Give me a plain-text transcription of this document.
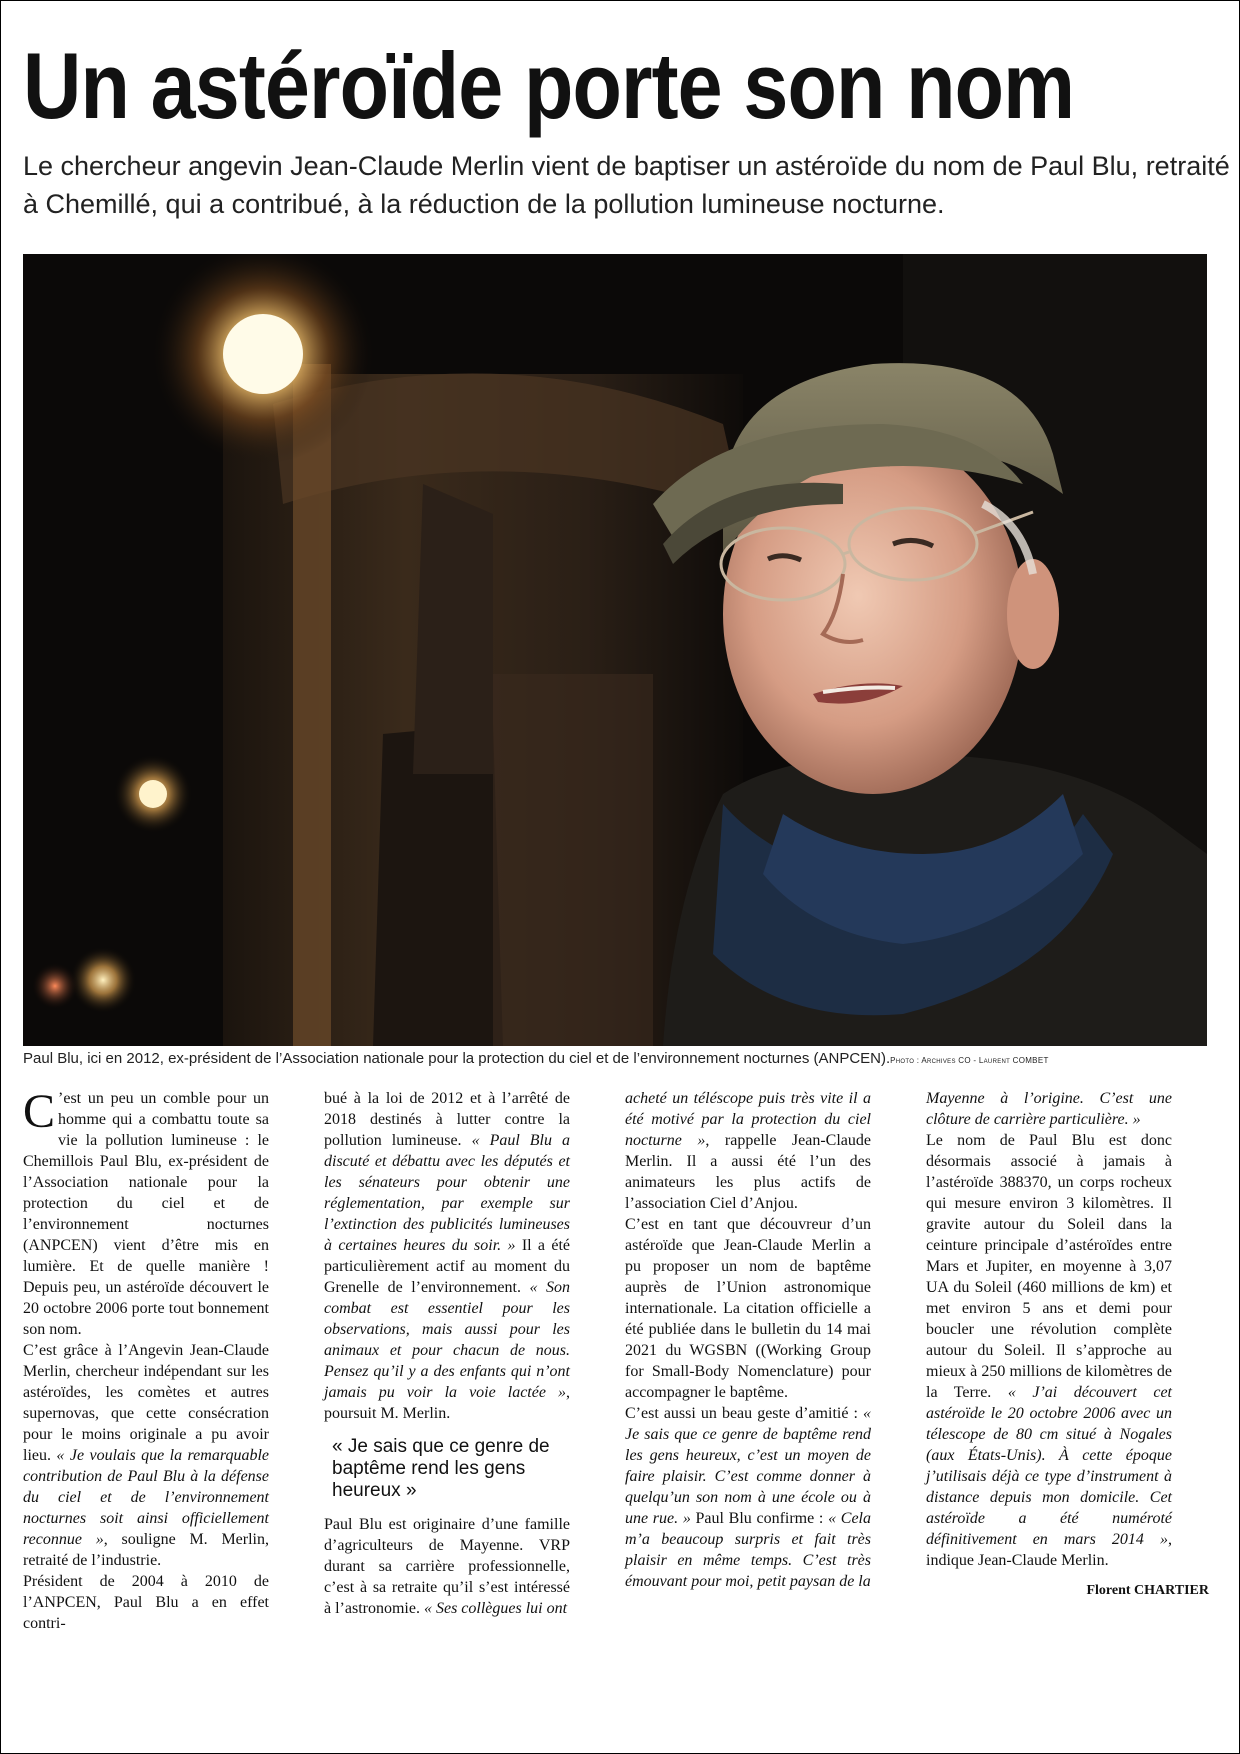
Un astéroïde porte son nom

Le chercheur angevin Jean-Claude Merlin vient de baptiser un astéroïde du nom de Paul Blu, retraité à Chemillé, qui a contribué, à la réduction de la pollution lumineuse nocturne.

Paul Blu, ici en 2012, ex-président de l’Association nationale pour la protection du ciel et de l’environnement nocturnes (ANPCEN).Photo : Archives CO - Laurent COMBET

C ’est un peu un comble pour un homme qui a combattu toute sa vie la pollution lumineuse : le Chemillois Paul Blu, ex-président de l’Association nationale pour la protection du ciel et de l’environnement nocturnes (ANPCEN) vient d’être mis en lumière. Et de quelle manière ! Depuis peu, un astéroïde découvert le 20 octobre 2006 porte tout bonnement son nom.

C’est grâce à l’Angevin Jean-Claude Merlin, chercheur indépendant sur les astéroïdes, les comètes et autres supernovas, que cette consécration pour le moins originale a pu avoir lieu. « Je voulais que la remarquable contribution de Paul Blu à la défense du ciel et de l’environnement nocturnes soit ainsi officiellement reconnue », souligne M. Merlin, retraité de l’industrie.

Président de 2004 à 2010 de l’ANPCEN, Paul Blu a en effet contri-

bué à la loi de 2012 et à l’arrêté de 2018 destinés à lutter contre la pollution lumineuse. « Paul Blu a discuté et débattu avec les députés et les sénateurs pour obtenir une réglementation, par exemple sur l’extinction des publicités lumineuses à certaines heures du soir. » Il a été particulièrement actif au moment du Grenelle de l’environnement. « Son combat est essentiel pour les observations, mais aussi pour les animaux et pour chacun de nous. Pensez qu’il y a des enfants qui n’ont jamais pu voir la voie lactée », poursuit M. Merlin.

« Je sais que ce genre de baptême rend les gens heureux »

Paul Blu est originaire d’une famille d’agriculteurs de Mayenne. VRP durant sa carrière professionnelle, c’est à sa retraite qu’il s’est intéressé à l’astronomie. « Ses collègues lui ont

acheté un téléscope puis très vite il a été motivé par la protection du ciel nocturne », rappelle Jean-Claude Merlin. Il a aussi été l’un des animateurs les plus actifs de l’association Ciel d’Anjou.

C’est en tant que découvreur d’un astéroïde que Jean-Claude Merlin a pu proposer un nom de baptême auprès de l’Union astronomique internationale. La citation officielle a été publiée dans le bulletin du 14 mai 2021 du WGSBN ((Working Group for Small-Body Nomenclature) pour accompagner le baptême.

C’est aussi un beau geste d’amitié : « Je sais que ce genre de baptême rend les gens heureux, c’est un moyen de faire plaisir. C’est comme donner à quelqu’un son nom à une école ou à une rue. » Paul Blu confirme : « Cela m’a beaucoup surpris et fait très plaisir en même temps. C’est très émouvant pour moi, petit paysan de la

Mayenne à l’origine. C’est une clôture de carrière particulière. »

Le nom de Paul Blu est donc désormais associé à jamais à l’astéroïde 388370, un corps rocheux qui mesure environ 3 kilomètres. Il gravite autour du Soleil dans la ceinture principale d’astéroïdes entre Mars et Jupiter, en moyenne à 3,07 UA du Soleil (460 millions de km) et met environ 5 ans et demi pour boucler une révolution complète autour du Soleil. Il s’approche au mieux à 250 millions de kilomètres de la Terre. « J’ai découvert cet astéroïde le 20 octobre 2006 avec un télescope de 80 cm situé à Nogales (aux États-Unis). À cette époque j’utilisais déjà ce type d’instrument à distance depuis mon domicile. Cet astéroïde a été numéroté définitivement en mars 2014 », indique Jean-Claude Merlin.

Florent CHARTIER
